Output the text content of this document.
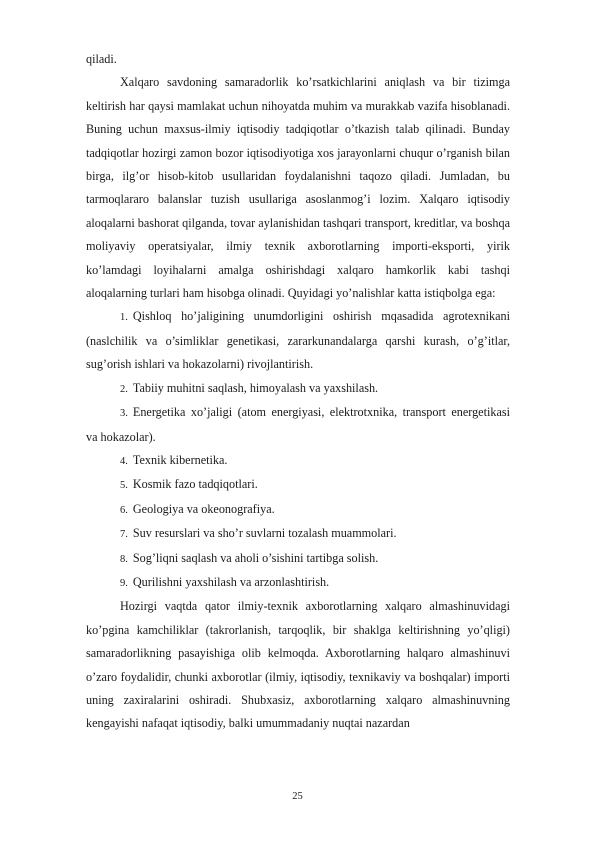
qiladi.

Xalqaro savdoning samaradorlik ko’rsatkichlarini aniqlash va bir tizimga keltirish har qaysi mamlakat uchun nihoyatda muhim va murakkab vazifa hisoblanadi. Buning uchun maxsus-ilmiy iqtisodiy tadqiqotlar o’tkazish talab qilinadi. Bunday tadqiqotlar hozirgi zamon bozor iqtisodiyotiga xos jarayonlarni chuqur o’rganish bilan birga, ilg’or hisob-kitob usullaridan foydalanishni taqozo qiladi. Jumladan, bu tarmoqlararo balanslar tuzish usullariga asoslanmog’i lozim. Xalqaro iqtisodiy aloqalarni bashorat qilganda, tovar aylanishidan tashqari transport, kreditlar, va boshqa moliyaviy operatsiyalar, ilmiy texnik axborotlarning importi-eksporti, yirik ko’lamdagi loyihalarni amalga oshirishdagi xalqaro hamkorlik kabi tashqi aloqalarning turlari ham hisobga olinadi. Quyidagi yo’nalishlar katta istiqbolga ega:

1. Qishloq ho’jaligining unumdorligini oshirish mqasadida agrotexnikani (naslchilik va o’simliklar genetikasi, zararkunandalarga qarshi kurash, o’g’itlar, sug’orish ishlari va hokazolarni) rivojlantirish.

2. Tabiiy muhitni saqlash, himoyalash va yaxshilash.

3. Energetika xo’jaligi (atom energiyasi, elektrotxnika, transport energetikasi va hokazolar).

4. Texnik kibernetika.

5. Kosmik fazo tadqiqotlari.

6. Geologiya va okeonografiya.

7. Suv resurslari va sho’r suvlarni tozalash muammolari.

8. Sog’liqni saqlash va aholi o’sishini tartibga solish.

9. Qurilishni yaxshilash va arzonlashtirish.

Hozirgi vaqtda qator ilmiy-texnik axborotlarning xalqaro almashinuvidagi ko’pgina kamchiliklar (takrorlanish, tarqoqlik, bir shaklga keltirishning yo’qligi) samaradorlikning pasayishiga olib kelmoqda. Axborotlarning halqaro almashinuvi o’zaro foydalidir, chunki axborotlar (ilmiy, iqtisodiy, texnikaviy va boshqalar) importi uning zaxiralarini oshiradi. Shubxasiz, axborotlarning xalqaro almashinuvning kengayishi nafaqat iqtisodiy, balki umummadaniy nuqtai nazardan

25
